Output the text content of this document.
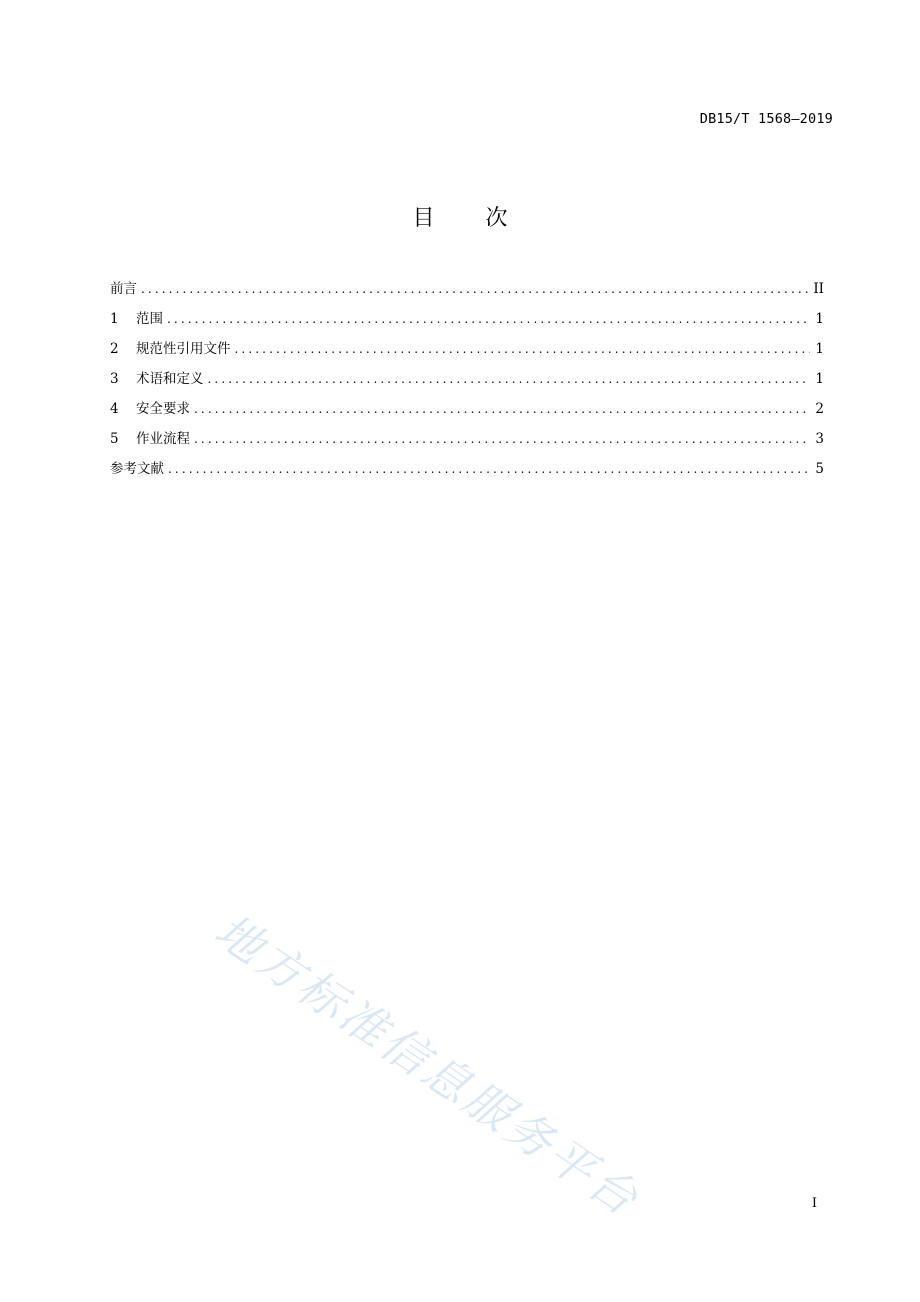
DB15/T 1568—2019
目 次
前言 .....	II
1	范围 .....	1
2	规范性引用文件 .....	1
3	术语和定义 .....	1
4	安全要求 .....	2
5	作业流程 .....	3
参考文献 .....	5
地方标准信息服务平台	I
